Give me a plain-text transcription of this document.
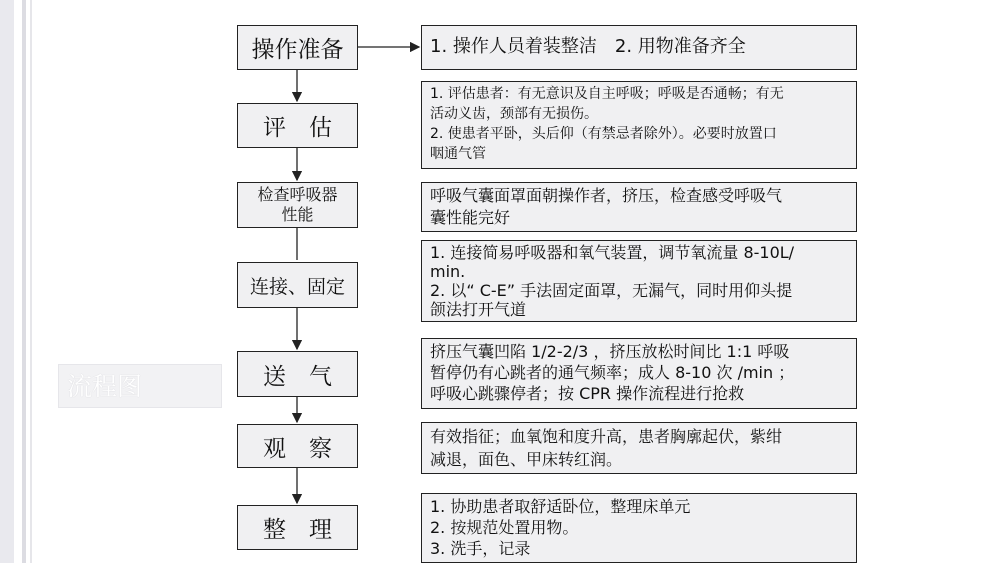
流程图
操作准备
评　估
检查呼吸器
性能
连接、固定
送　气
观　察
整　理
1. 操作人员着装整洁　2. 用物准备齐全
1. 评估患者：有无意识及自主呼吸；呼吸是否通畅；有无
活动义齿，颈部有无损伤。
2. 使患者平卧，头后仰（有禁忌者除外）。必要时放置口
咽通气管
呼吸气囊面罩面朝操作者，挤压，检查感受呼吸气
囊性能完好
1. 连接简易呼吸器和氧气装置，调节氧流量 8-10L/
min.
2. 以“ C-E” 手法固定面罩，无漏气，同时用仰头提
颌法打开气道
挤压气囊凹陷 1/2-2/3 ，挤压放松时间比 1:1 呼吸
暂停仍有心跳者的通气频率；成人 8-10 次 /min ；
呼吸心跳骤停者；按 CPR 操作流程进行抢救
有效指征；血氧饱和度升高，患者胸廓起伏，紫绀
减退，面色、甲床转红润。
1. 协助患者取舒适卧位，整理床单元
2. 按规范处置用物。
3. 洗手，记录
